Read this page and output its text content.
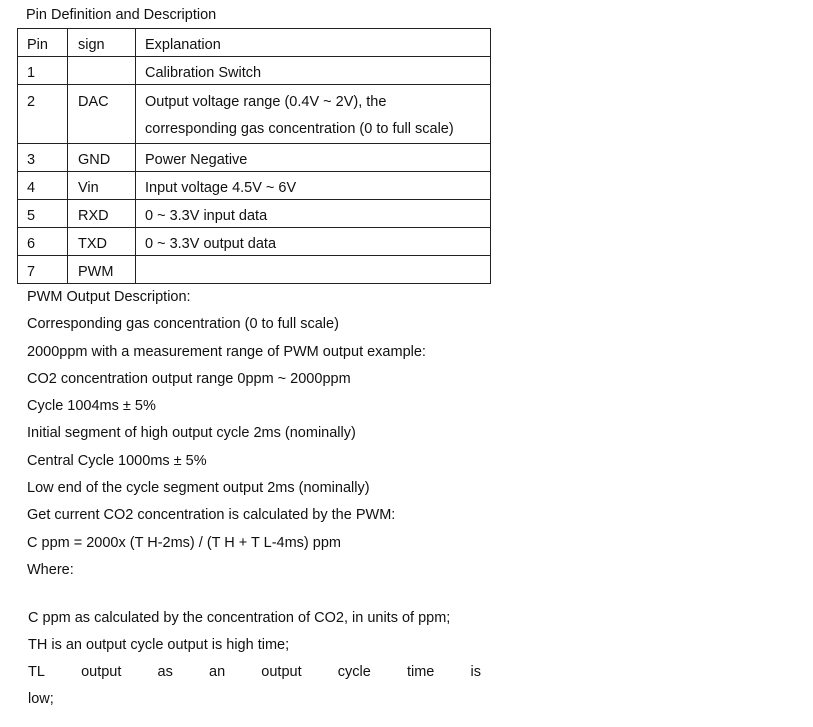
Pin Definition and Description
Pin	sign	Explanation
1		Calibration Switch
2	DAC	Output voltage range (0.4V ~ 2V), the corresponding gas concentration (0 to full scale)
3	GND	Power Negative
4	Vin	Input voltage 4.5V ~ 6V
5	RXD	0 ~ 3.3V input data
6	TXD	0 ~ 3.3V output data
7	PWM	
PWM Output Description:
Corresponding gas concentration (0 to full scale)
2000ppm with a measurement range of PWM output example:
CO2 concentration output range 0ppm ~ 2000ppm
Cycle 1004ms ± 5%
Initial segment of high output cycle 2ms (nominally)
Central Cycle 1000ms ± 5%
Low end of the cycle segment output 2ms (nominally)
Get current CO2 concentration is calculated by the PWM:
C ppm = 2000x (T H-2ms) / (T H + T L-4ms) ppm
Where:
C ppm as calculated by the concentration of CO2, in units of ppm;
TH is an output cycle output is high time;
TL output as an output cycle time is
low;
